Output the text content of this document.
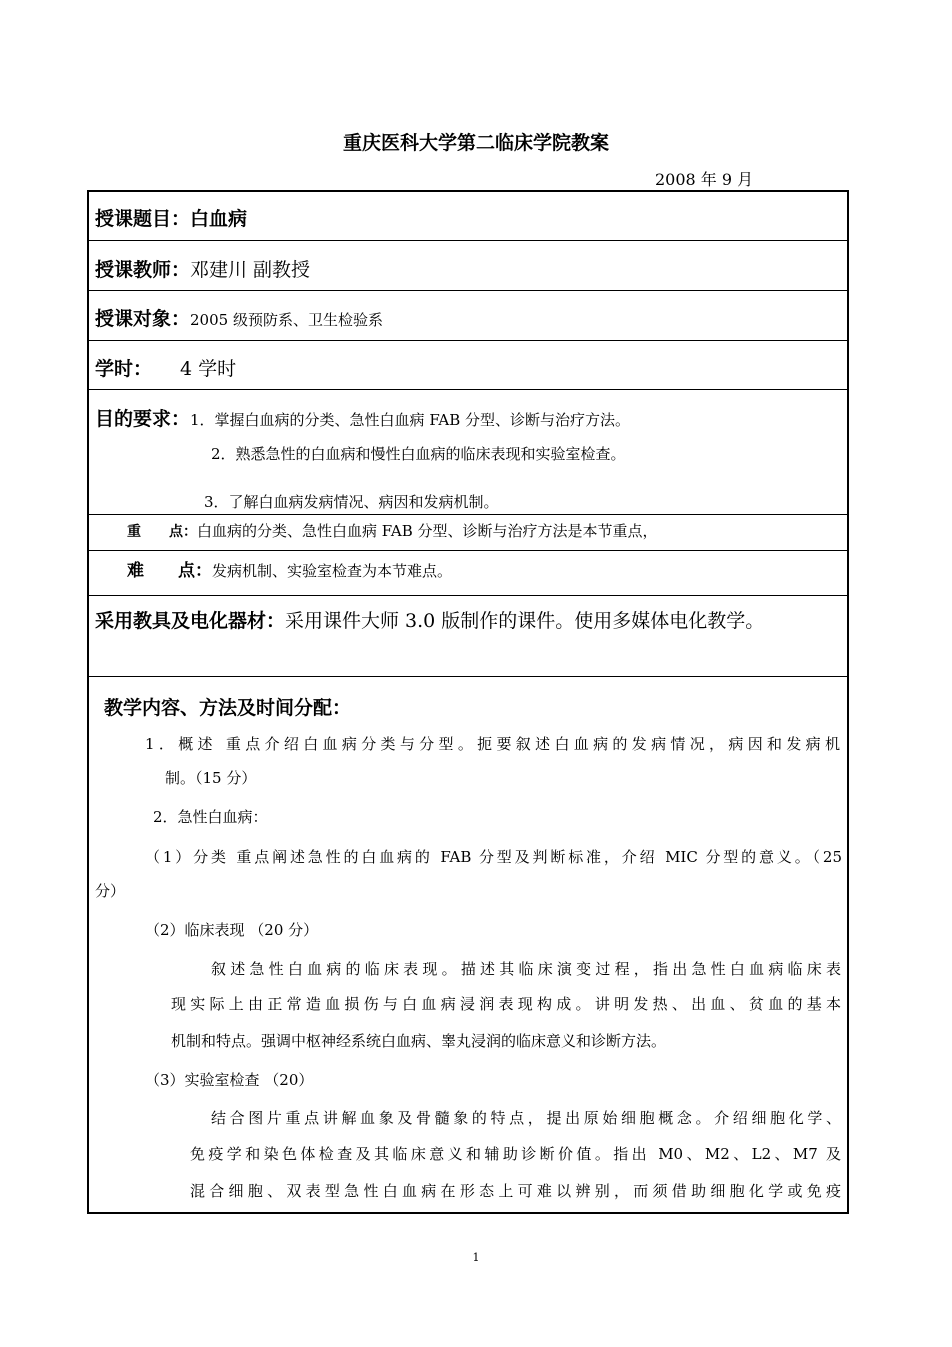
重庆医科大学第二临床学院教案
2008 年 9 月
授课题目：白血病
授课教师：邓建川 副教授
授课对象：2005 级预防系、卫生检验系
学时： 4 学时
目的要求：1．掌握白血病的分类、急性白血病 FAB 分型、诊断与治疗方法。
2．熟悉急性的白血病和慢性白血病的临床表现和实验室检查。
3．了解白血病发病情况、病因和发病机制。
重　　点：白血病的分类、急性白血病 FAB 分型、诊断与治疗方法是本节重点，
难　　点：发病机制、实验室检查为本节难点。
采用教具及电化器材：采用课件大师 3.0 版制作的课件。使用多媒体电化教学。
教学内容、方法及时间分配：
1．概述 重点介绍白血病分类与分型。扼要叙述白血病的发病情况，病因和发病机
制。（15 分）
2．急性白血病：
（1）分类 重点阐述急性的白血病的 FAB 分型及判断标准，介绍 MIC 分型的意义。（25
分）
（2）临床表现 （20 分）
叙述急性白血病的临床表现。描述其临床演变过程，指出急性白血病临床表
现实际上由正常造血损伤与白血病浸润表现构成。讲明发热、出血、贫血的基本
机制和特点。强调中枢神经系统白血病、睾丸浸润的临床意义和诊断方法。
（3）实验室检查 （20）
结合图片重点讲解血象及骨髓象的特点，提出原始细胞概念。介绍细胞化学、
免疫学和染色体检查及其临床意义和辅助诊断价值。指出 M0、M2、L2、M7 及
混合细胞、双表型急性白血病在形态上可难以辨别，而须借助细胞化学或免疫
1
